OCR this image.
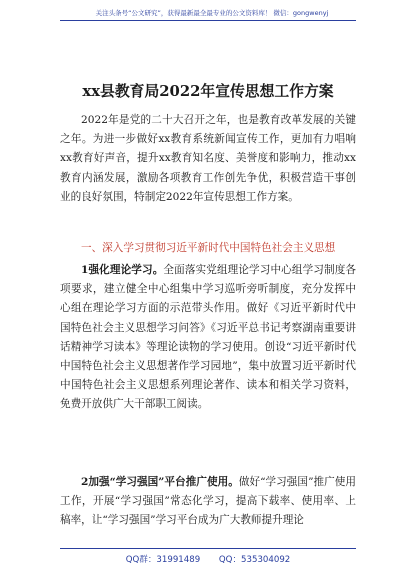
关注头条号“公文研究”，获得最新最全最专业的公文资料库！ 微信：gongwenyj
xx县教育局2022年宣传思想工作方案
2022年是党的二十大召开之年，也是教育改革发展的关键之年。为进一步做好xx教育系统新闻宣传工作，更加有力唱响xx教育好声音，提升xx教育知名度、美誉度和影响力，推动xx教育内涵发展，激励各项教育工作创先争优，积极营造干事创业的良好氛围，特制定2022年宣传思想工作方案。
一、深入学习贯彻习近平新时代中国特色社会主义思想
1强化理论学习。全面落实党组理论学习中心组学习制度各项要求，建立健全中心组集中学习巡听旁听制度，充分发挥中心组在理论学习方面的示范带头作用。做好《习近平新时代中国特色社会主义思想学习问答》《习近平总书记考察湖南重要讲话精神学习读本》等理论读物的学习使用。创设“习近平新时代中国特色社会主义思想著作学习园地”，集中放置习近平新时代中国特色社会主义思想系列理论著作、读本和相关学习资料，免费开放供广大干部职工阅读。
2加强“学习强国”平台推广使用。做好“学习强国”推广使用工作，开展“学习强国”常态化学习，提高下载率、使用率、上稿率，让“学习强国”学习平台成为广大教师提升理论
QQ群：31991489 QQ：535304092
